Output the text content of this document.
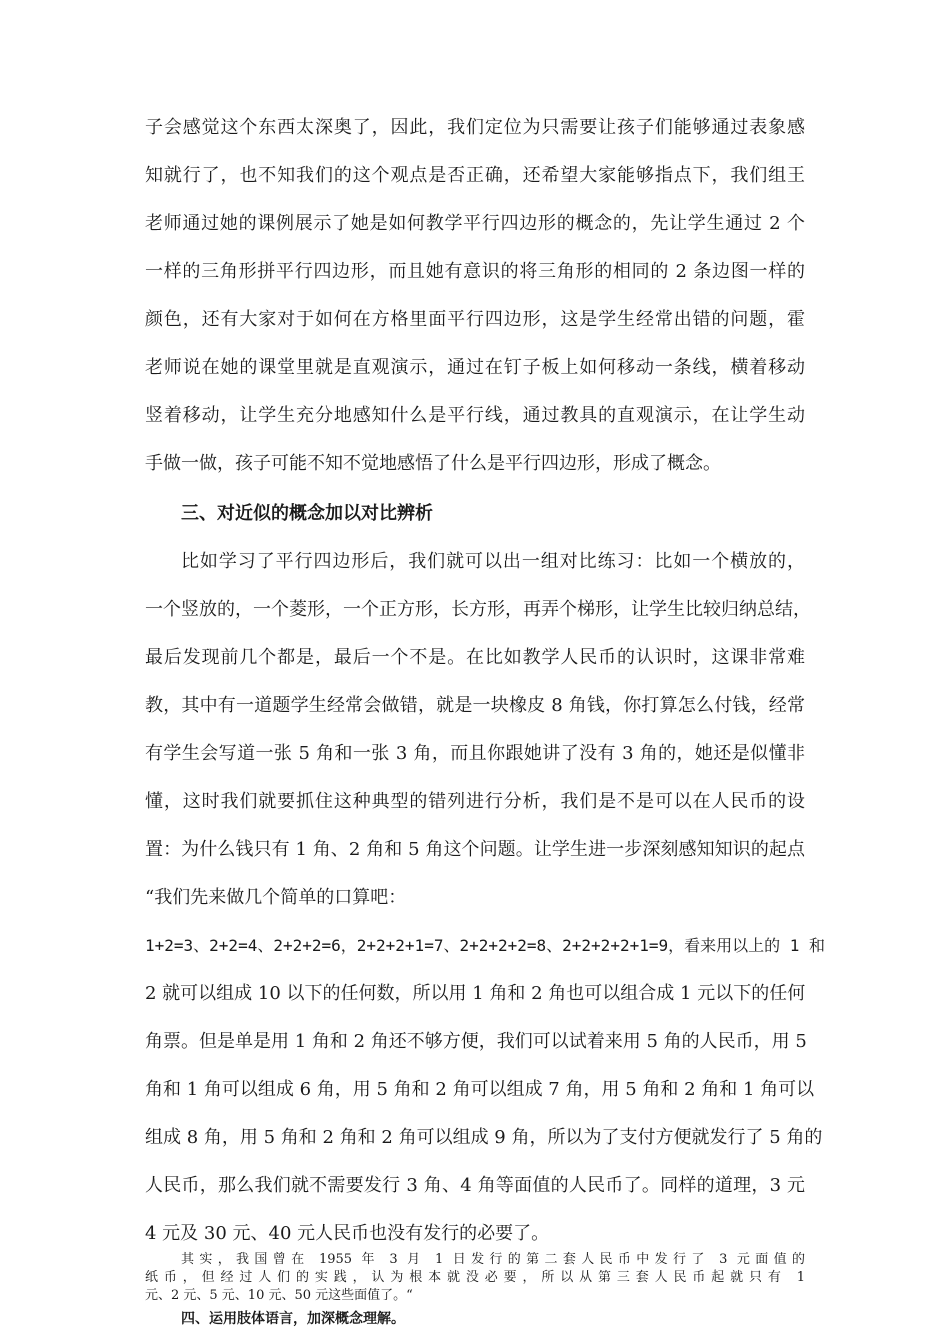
子会感觉这个东西太深奥了，因此，我们定位为只需要让孩子们能够通过表象感
知就行了，也不知我们的这个观点是否正确，还希望大家能够指点下，我们组王
老师通过她的课例展示了她是如何教学平行四边形的概念的，先让学生通过 2 个
一样的三角形拼平行四边形，而且她有意识的将三角形的相同的 2 条边图一样的
颜色，还有大家对于如何在方格里面平行四边形，这是学生经常出错的问题，霍
老师说在她的课堂里就是直观演示，通过在钉子板上如何移动一条线，横着移动
竖着移动，让学生充分地感知什么是平行线，通过教具的直观演示，在让学生动
手做一做，孩子可能不知不觉地感悟了什么是平行四边形，形成了概念。
三、对近似的概念加以对比辨析
比如学习了平行四边形后，我们就可以出一组对比练习：比如一个横放的，
一个竖放的，一个菱形，一个正方形，长方形，再弄个梯形，让学生比较归纳总结，
最后发现前几个都是，最后一个不是。在比如教学人民币的认识时，这课非常难
教，其中有一道题学生经常会做错，就是一块橡皮 8 角钱，你打算怎么付钱，经常
有学生会写道一张 5 角和一张 3 角，而且你跟她讲了没有 3 角的，她还是似懂非
懂，这时我们就要抓住这种典型的错列进行分析，我们是不是可以在人民币的设
置：为什么钱只有 1 角、2 角和 5 角这个问题。让学生进一步深刻感知知识的起点
“我们先来做几个简单的口算吧：
1+2=3、2+2=4、2+2+2=6，2+2+2+1=7、2+2+2+2=8、2+2+2+2+1=9，看来用以上的 1 和
2 就可以组成 10 以下的任何数，所以用 1 角和 2 角也可以组合成 1 元以下的任何
角票。但是单是用 1 角和 2 角还不够方便，我们可以试着来用 5 角的人民币，用 5
角和 1 角可以组成 6 角，用 5 角和 2 角可以组成 7 角，用 5 角和 2 角和 1 角可以
组成 8 角，用 5 角和 2 角和 2 角可以组成 9 角，所以为了支付方便就发行了 5 角的
人民币，那么我们就不需要发行 3 角、4 角等面值的人民币了。同样的道理，3 元
4 元及 30 元、40 元人民币也没有发行的必要了。
其实，我国曾在 1955 年 3 月 1 日发行的第二套人民币中发行了 3 元面值的
纸币，但经过人们的实践，认为根本就没必要，所以从第三套人民币起就只有 1
元、2 元、5 元、10 元、50 元这些面值了。“
四、运用肢体语言，加深概念理解。
